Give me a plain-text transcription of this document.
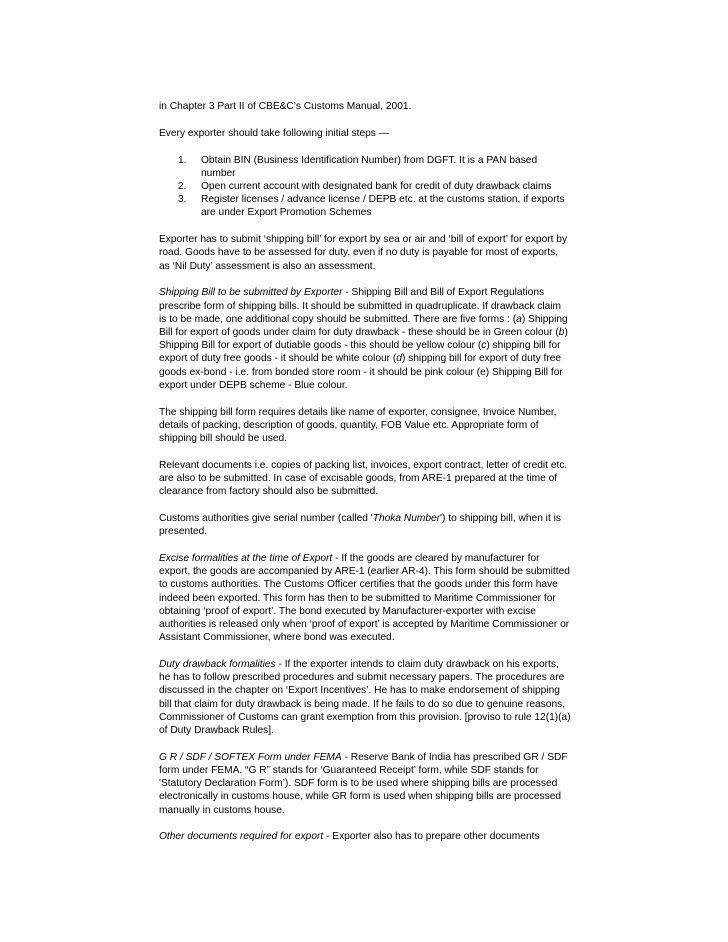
in Chapter 3 Part II of CBE&C’s Customs Manual, 2001.

Every exporter should take following initial steps —

1. Obtain BIN (Business Identification Number) from DGFT. It is a PAN based number
2. Open current account with designated bank for credit of duty drawback claims
3. Register licenses / advance license / DEPB etc. at the customs station, if exports are under Export Promotion Schemes

Exporter has to submit ‘shipping bill’ for export by sea or air and ‘bill of export’ for export by road. Goods have to be assessed for duty, even if no duty is payable for most of exports, as ‘Nil Duty’ assessment is also an assessment.

Shipping Bill to be submitted by Exporter - Shipping Bill and Bill of Export Regulations prescribe form of shipping bills. It should be submitted in quadruplicate. If drawback claim is to be made, one additional copy should be submitted. There are five forms : (a) Shipping Bill for export of goods under claim for duty drawback - these should be in Green colour (b) Shipping Bill for export of dutiable goods - this should be yellow colour (c) shipping bill for export of duty free goods - it should be white colour (d) shipping bill for export of duty free goods ex-bond - i.e. from bonded store room - it should be pink colour (e) Shipping Bill for export under DEPB scheme - Blue colour.

The shipping bill form requires details like name of exporter, consignee, Invoice Number, details of packing, description of goods, quantity, FOB Value etc. Appropriate form of shipping bill should be used.

Relevant documents i.e. copies of packing list, invoices, export contract, letter of credit etc. are also to be submitted. In case of excisable goods, from ARE-1 prepared at the time of clearance from factory should also be submitted.

Customs authorities give serial number (called 'Thoka Number') to shipping bill, when it is presented.

Excise formalities at the time of Export - If the goods are cleared by manufacturer for export, the goods are accompanied by ARE-1 (earlier AR-4). This form should be submitted to customs authorities. The Customs Officer certifies that the goods under this form have indeed been exported. This form has then to be submitted to Maritime Commissioner for obtaining ‘proof of export’. The bond executed by Manufacturer-exporter with excise authorities is released only when ‘proof of export’ is accepted by Maritime Commissioner or Assistant Commissioner, where bond was executed.

Duty drawback formalities - If the exporter intends to claim duty drawback on his exports, he has to follow prescribed procedures and submit necessary papers. The procedures are discussed in the chapter on ‘Export Incentives’. He has to make endorsement of shipping bill that claim for duty drawback is being made. If he fails to do so due to genuine reasons, Commissioner of Customs can grant exemption from this provision. [proviso to rule 12(1)(a) of Duty Drawback Rules].

G R / SDF / SOFTEX Form under FEMA - Reserve Bank of India has prescribed GR / SDF form under FEMA. “G R” stands for ‘Guaranteed Receipt’ form, while SDF stands for 'Statutory Declaration Form’). SDF form is to be used where shipping bills are processed electronically in customs house, while GR form is used when shipping bills are processed manually in customs house.

Other documents required for export - Exporter also has to prepare other documents
